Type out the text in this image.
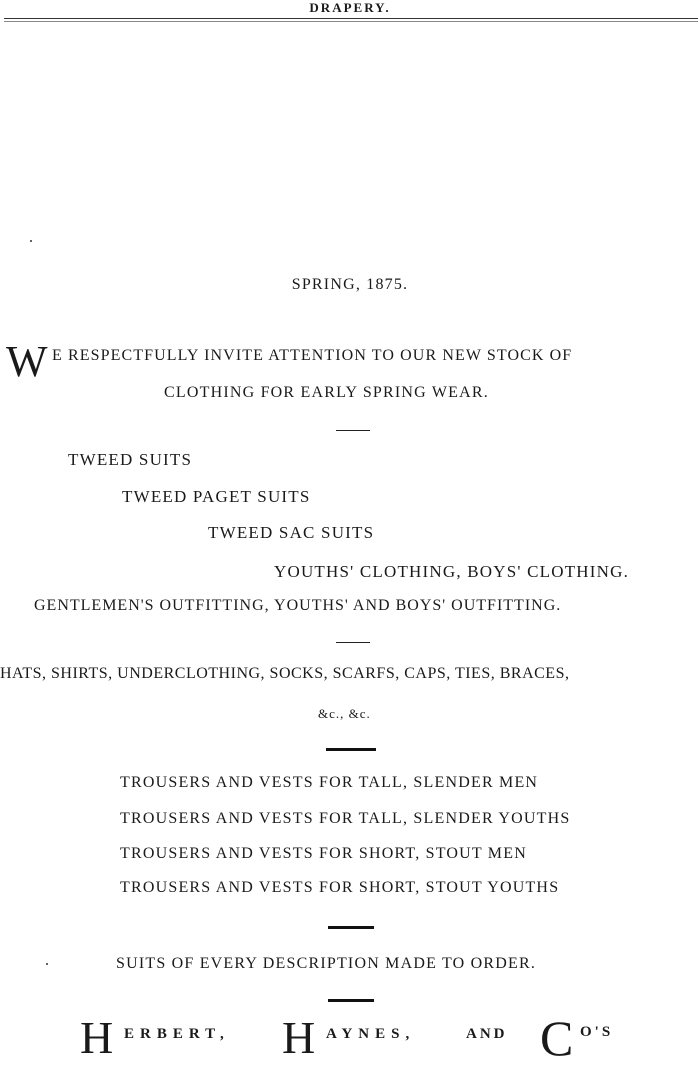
DRAPERY.
SPRING, 1875.
W E RESPECTFULLY INVITE ATTENTION TO OUR NEW STOCK OF
CLOTHING FOR EARLY SPRING WEAR.
TWEED SUITS
TWEED PAGET SUITS
TWEED SAC SUITS
YOUTHS' CLOTHING, BOYS' CLOTHING.
GENTLEMEN'S OUTFITTING, YOUTHS' AND BOYS' OUTFITTING.
HATS, SHIRTS, UNDERCLOTHING, SOCKS, SCARFS, CAPS, TIES, BRACES,
&c., &c.
TROUSERS AND VESTS FOR TALL, SLENDER MEN
TROUSERS AND VESTS FOR TALL, SLENDER YOUTHS
TROUSERS AND VESTS FOR SHORT, STOUT MEN
TROUSERS AND VESTS FOR SHORT, STOUT YOUTHS
SUITS OF EVERY DESCRIPTION MADE TO ORDER.
H ERBERT, H AYNES,	AND C O'S
